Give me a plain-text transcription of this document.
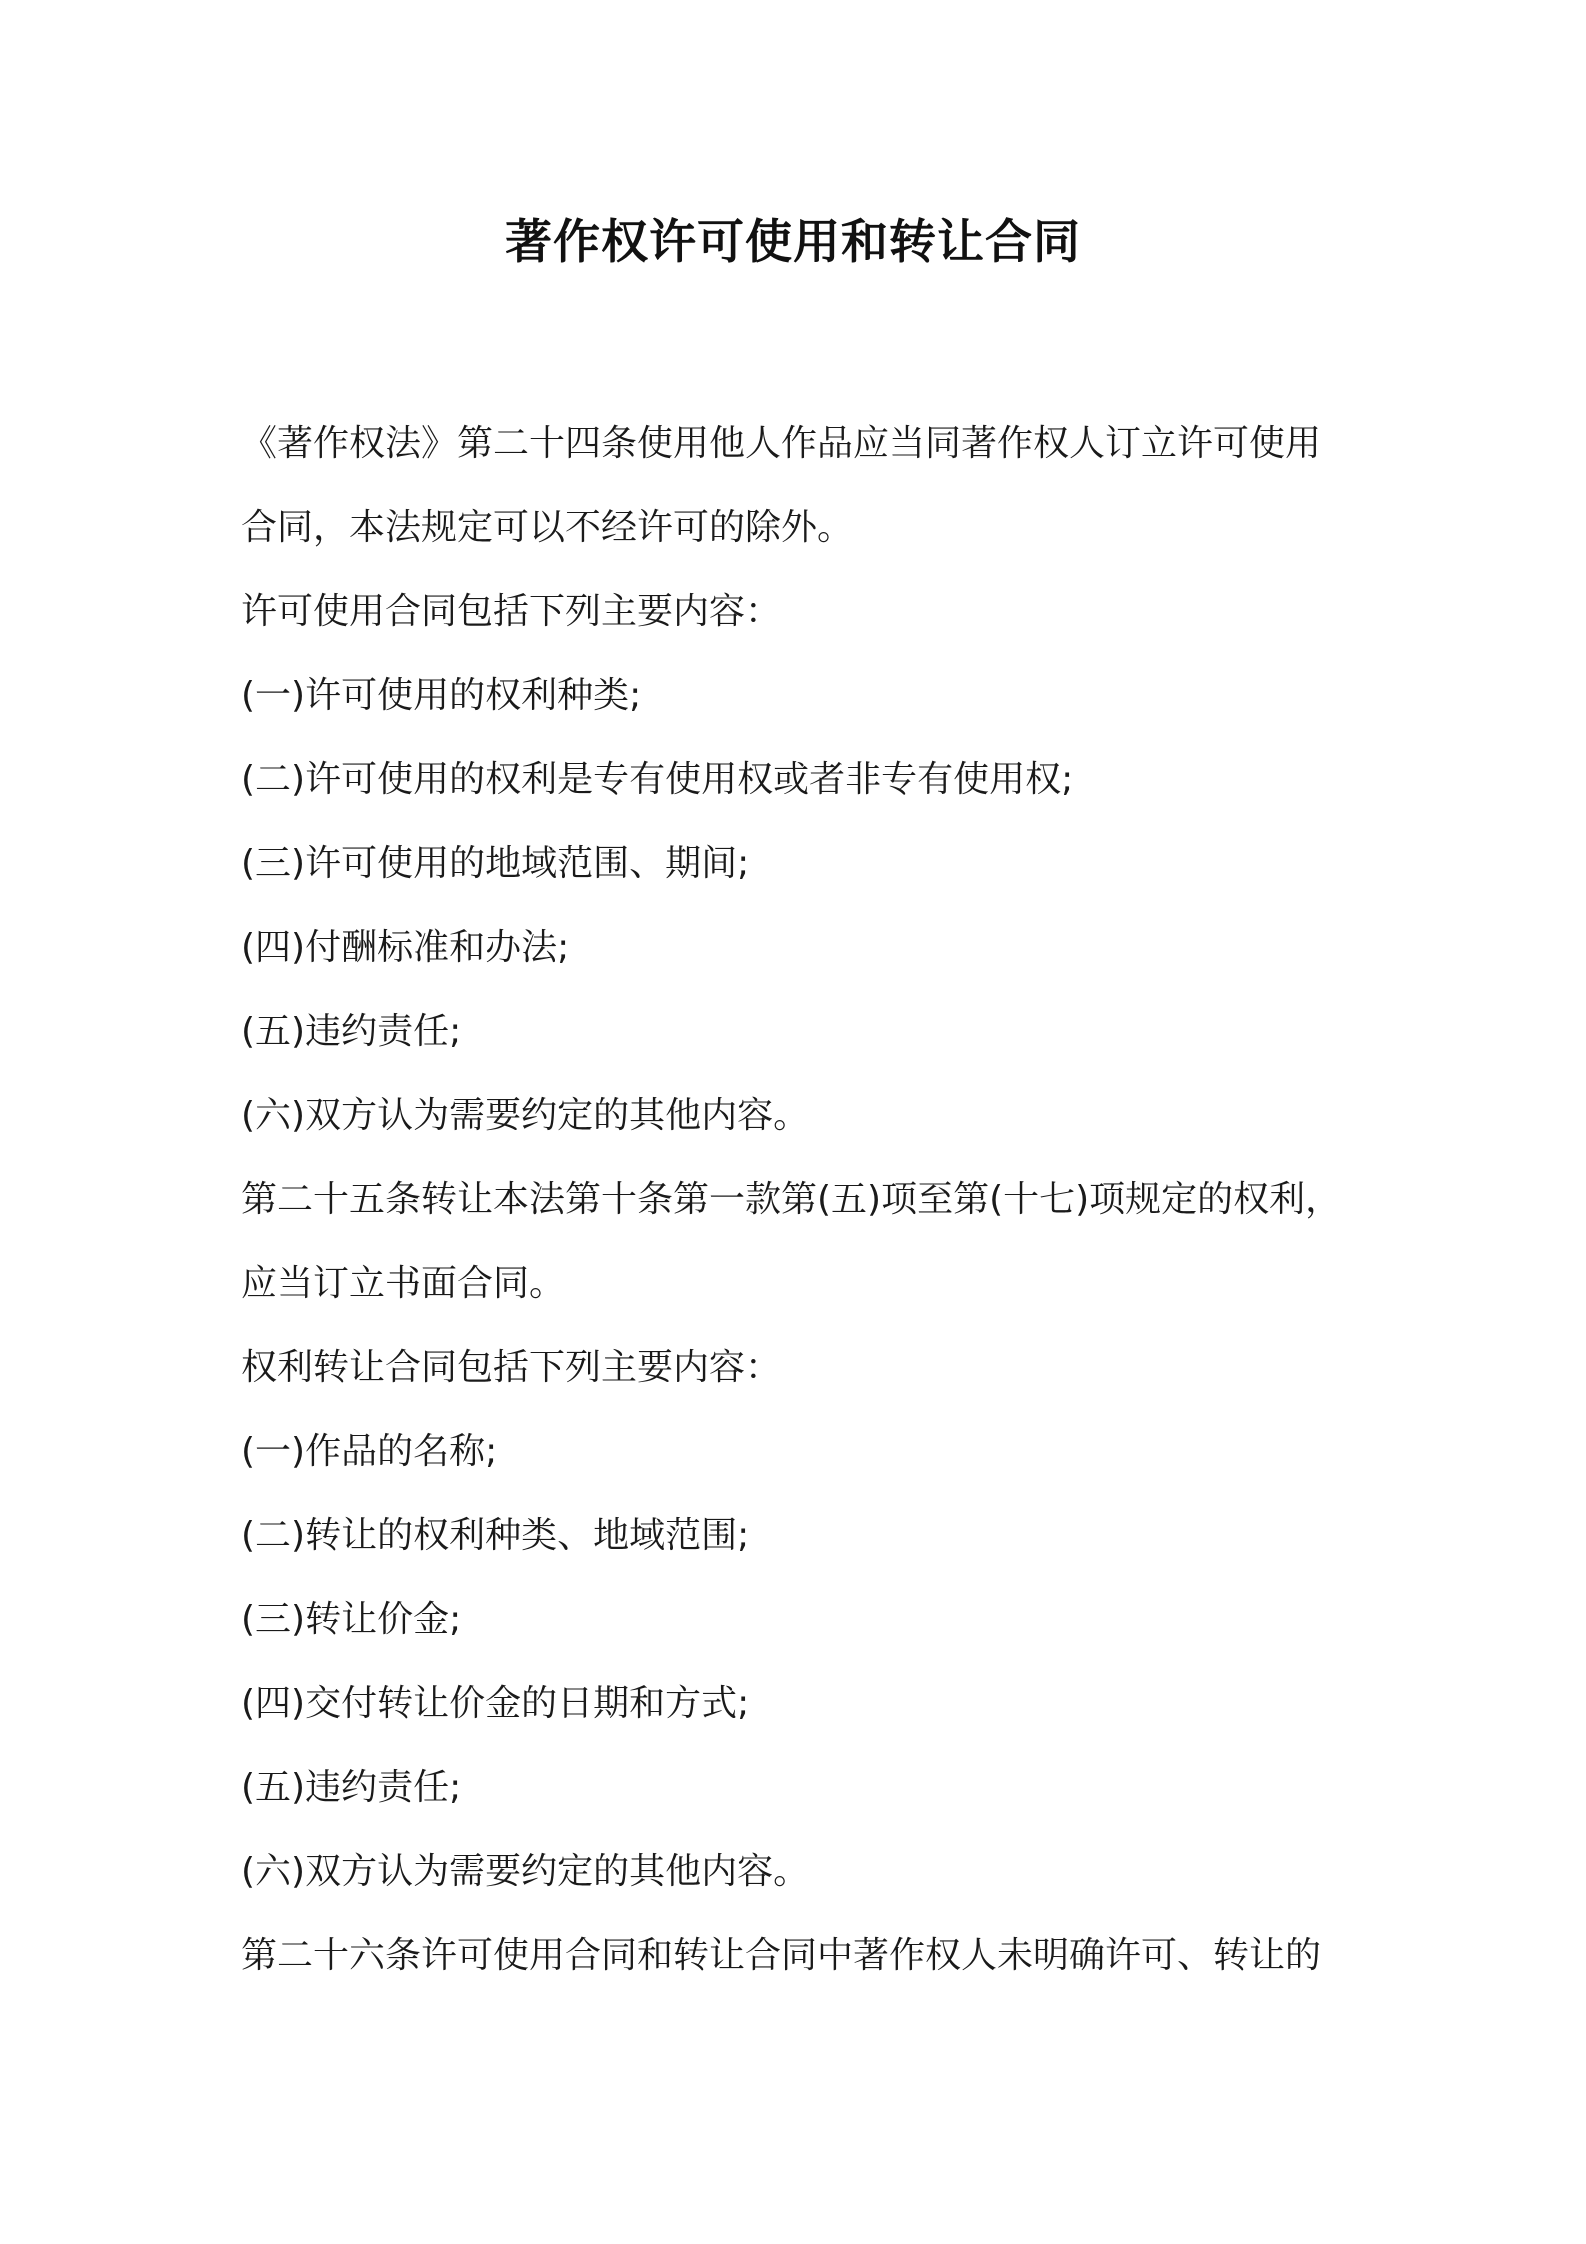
著作权许可使用和转让合同
《著作权法》第二十四条使用他人作品应当同著作权人订立许可使用
合同，本法规定可以不经许可的除外。
许可使用合同包括下列主要内容：
(一)许可使用的权利种类;
(二)许可使用的权利是专有使用权或者非专有使用权;
(三)许可使用的地域范围、期间;
(四)付酬标准和办法;
(五)违约责任;
(六)双方认为需要约定的其他内容。
第二十五条转让本法第十条第一款第(五)项至第(十七)项规定的权利，
应当订立书面合同。
权利转让合同包括下列主要内容：
(一)作品的名称;
(二)转让的权利种类、地域范围;
(三)转让价金;
(四)交付转让价金的日期和方式;
(五)违约责任;
(六)双方认为需要约定的其他内容。
第二十六条许可使用合同和转让合同中著作权人未明确许可、转让的
